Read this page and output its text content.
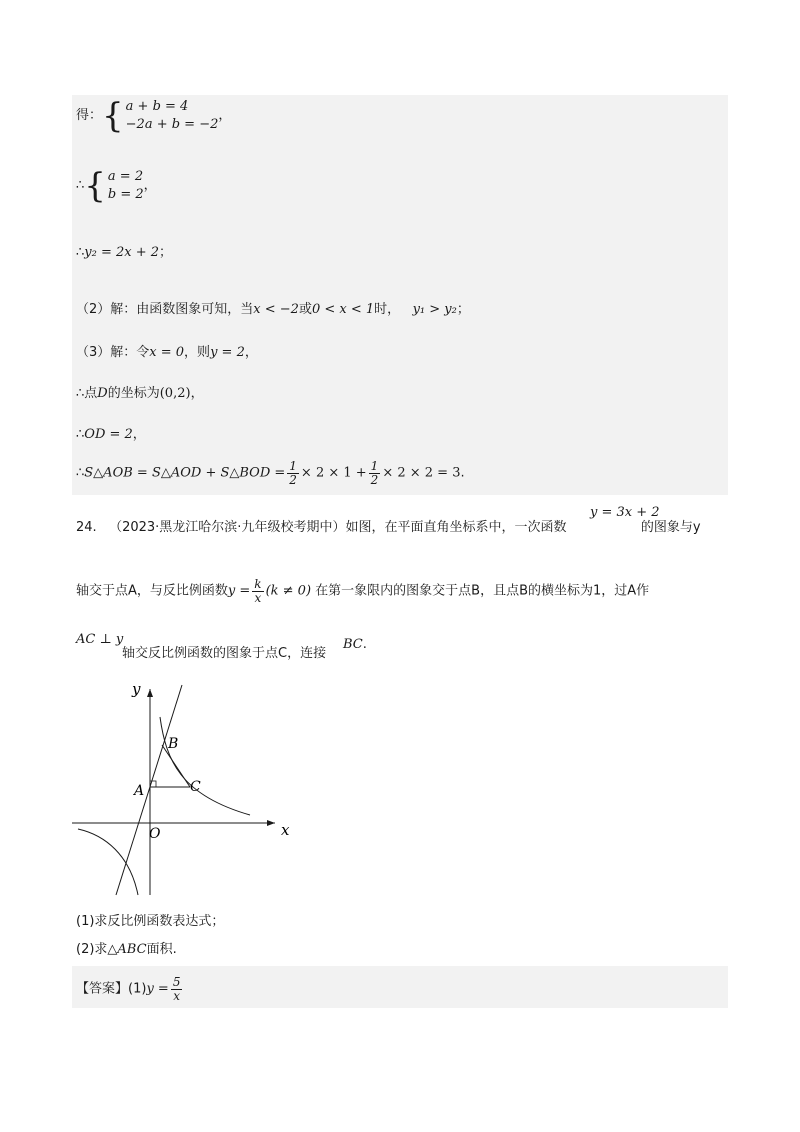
得：{ a + b = 4
−2a + b = −2，
∴{ a = 2
b = 2，
∴y₂ = 2x + 2；
（2）解：由函数图象可知，当x < −2或0 < x < 1时， y₁ > y₂；
（3）解：令x = 0，则y = 2，
∴点D的坐标为(0,2)，
∴OD = 2，
∴S△AOB = S△AOD + S△BOD = $\frac{1}{2} \times 2 \times 1 + \frac{1}{2} \times 2 \times 2 = 3$.
24. （2023·黑龙江哈尔滨·九年级校考期中）如图，在平面直角坐标系中，一次函数	的图象与y
y = 3x + 2
轴交于点A，与反比例函数$y = \frac{k}{x} (k \ne 0)$ 在第一象限内的图象交于点B，且点B的横坐标为1，过A作
AC ⊥ y
轴交反比例函数的图象于点C，连接
BC.
y
x
O
A
B
C
(1)求反比例函数表达式；
(2)求△ABC面积.
【答案】$(1)y = \frac{5}{x}$
